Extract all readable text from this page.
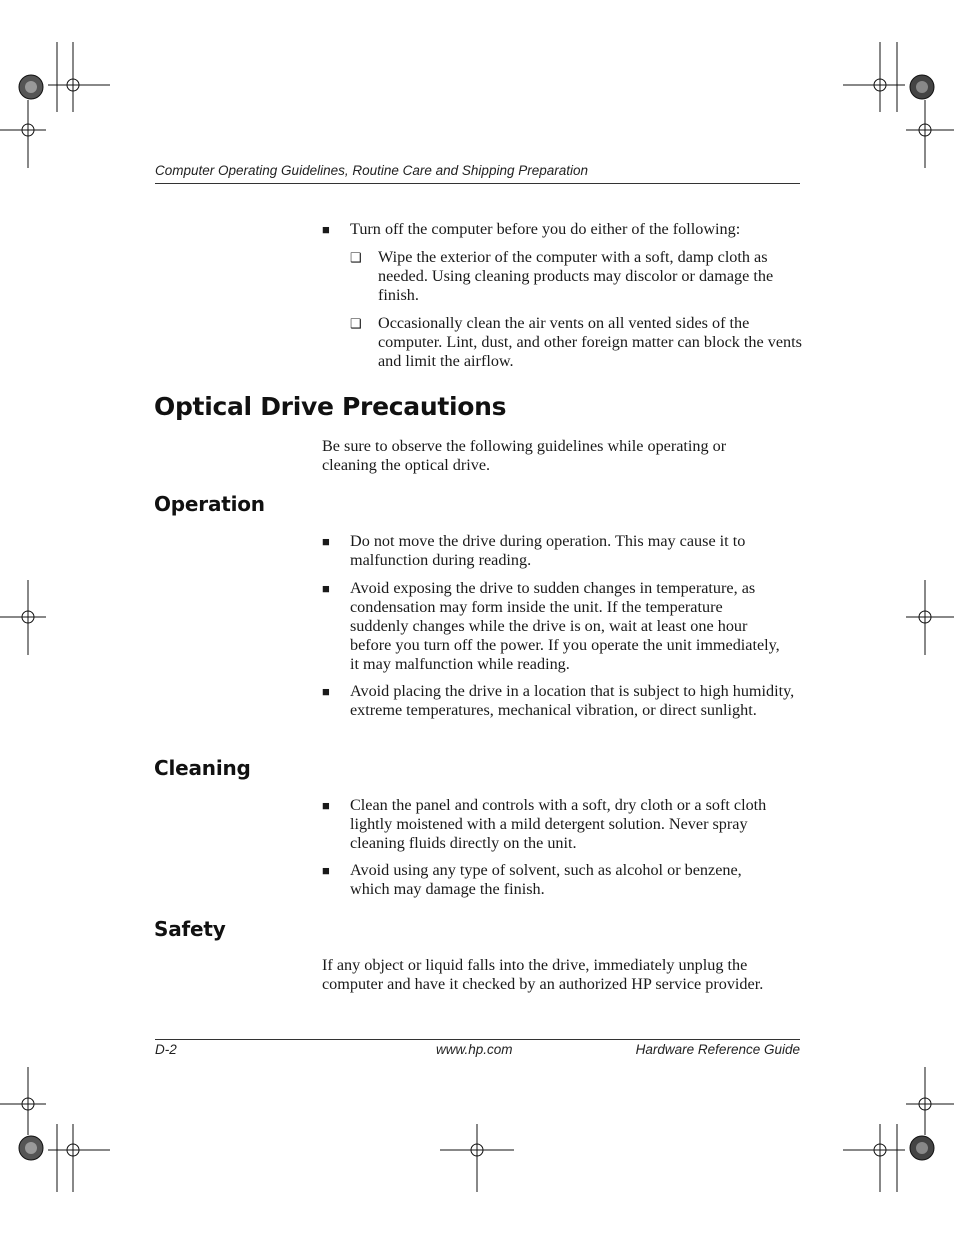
Computer Operating Guidelines, Routine Care and Shipping Preparation
■ Turn off the computer before you do either of the following:
❑ Wipe the exterior of the computer with a soft, damp cloth as needed. Using cleaning products may discolor or damage the finish.
❑ Occasionally clean the air vents on all vented sides of the computer. Lint, dust, and other foreign matter can block the vents and limit the airflow.
Optical Drive Precautions
Be sure to observe the following guidelines while operating or cleaning the optical drive.
Operation
■ Do not move the drive during operation. This may cause it to malfunction during reading.
■ Avoid exposing the drive to sudden changes in temperature, as condensation may form inside the unit. If the temperature suddenly changes while the drive is on, wait at least one hour before you turn off the power. If you operate the unit immediately, it may malfunction while reading.
■ Avoid placing the drive in a location that is subject to high humidity, extreme temperatures, mechanical vibration, or direct sunlight.
Cleaning
■ Clean the panel and controls with a soft, dry cloth or a soft cloth lightly moistened with a mild detergent solution. Never spray cleaning fluids directly on the unit.
■ Avoid using any type of solvent, such as alcohol or benzene, which may damage the finish.
Safety
If any object or liquid falls into the drive, immediately unplug the computer and have it checked by an authorized HP service provider.
D-2	www.hp.com	Hardware Reference Guide
